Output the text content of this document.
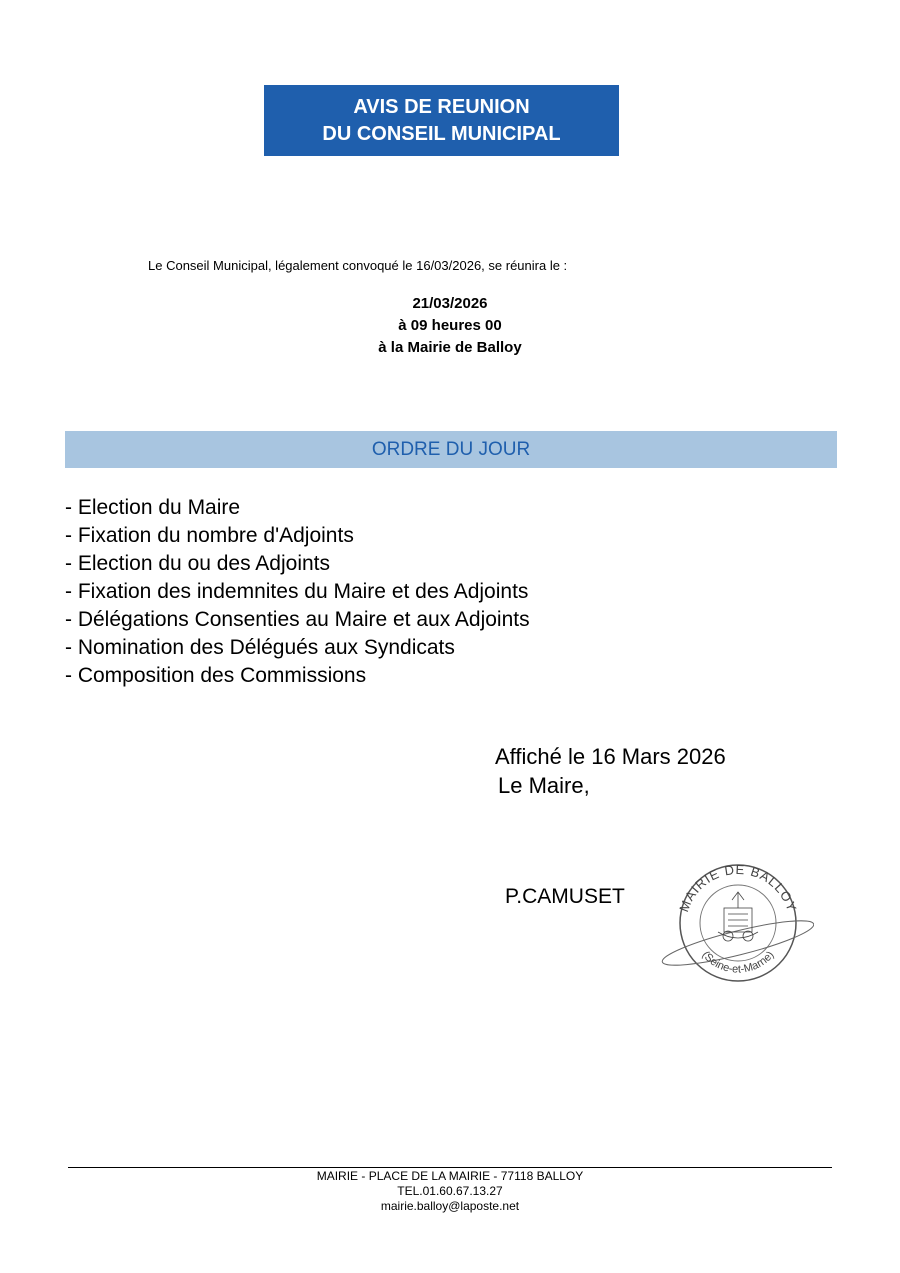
AVIS DE REUNION
DU CONSEIL MUNICIPAL
Le Conseil Municipal, légalement convoqué le 16/03/2026, se réunira le :
21/03/2026
à 09 heures 00
à la Mairie de Balloy
ORDRE DU JOUR
- Election du Maire
- Fixation du nombre d'Adjoints
- Election du ou des Adjoints
- Fixation des indemnites du Maire et des Adjoints
- Délégations Consenties au Maire et aux Adjoints
- Nomination des Délégués aux Syndicats
- Composition des Commissions
Affiché le 16 Mars 2026
Le Maire,
P.CAMUSET	MAIRIE DE BALLOY
(Seine-et-Marne)
MAIRIE - PLACE DE LA MAIRIE - 77118 BALLOY
TEL.01.60.67.13.27
mairie.balloy@laposte.net
